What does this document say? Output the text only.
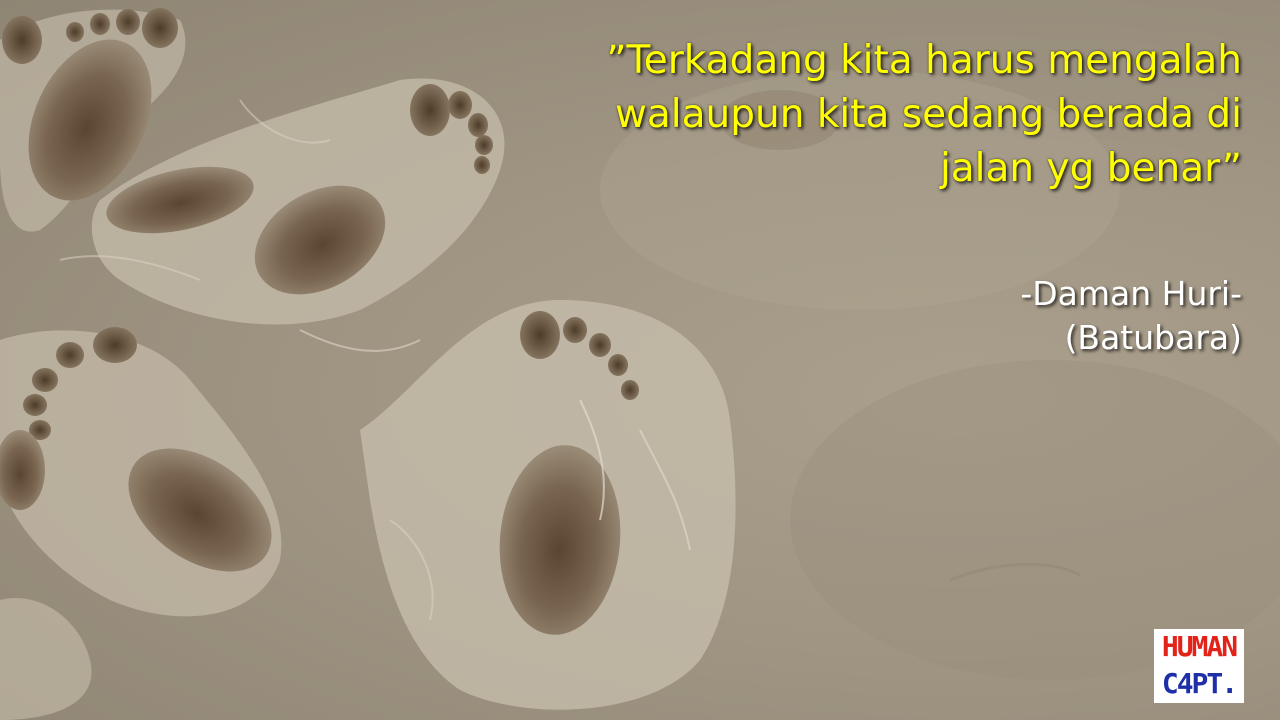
”Terkadang kita harus mengalah
walaupun kita sedang berada di
jalan yg benar”
-Daman Huri-
(Batubara)
HUMAN
C4PT.
